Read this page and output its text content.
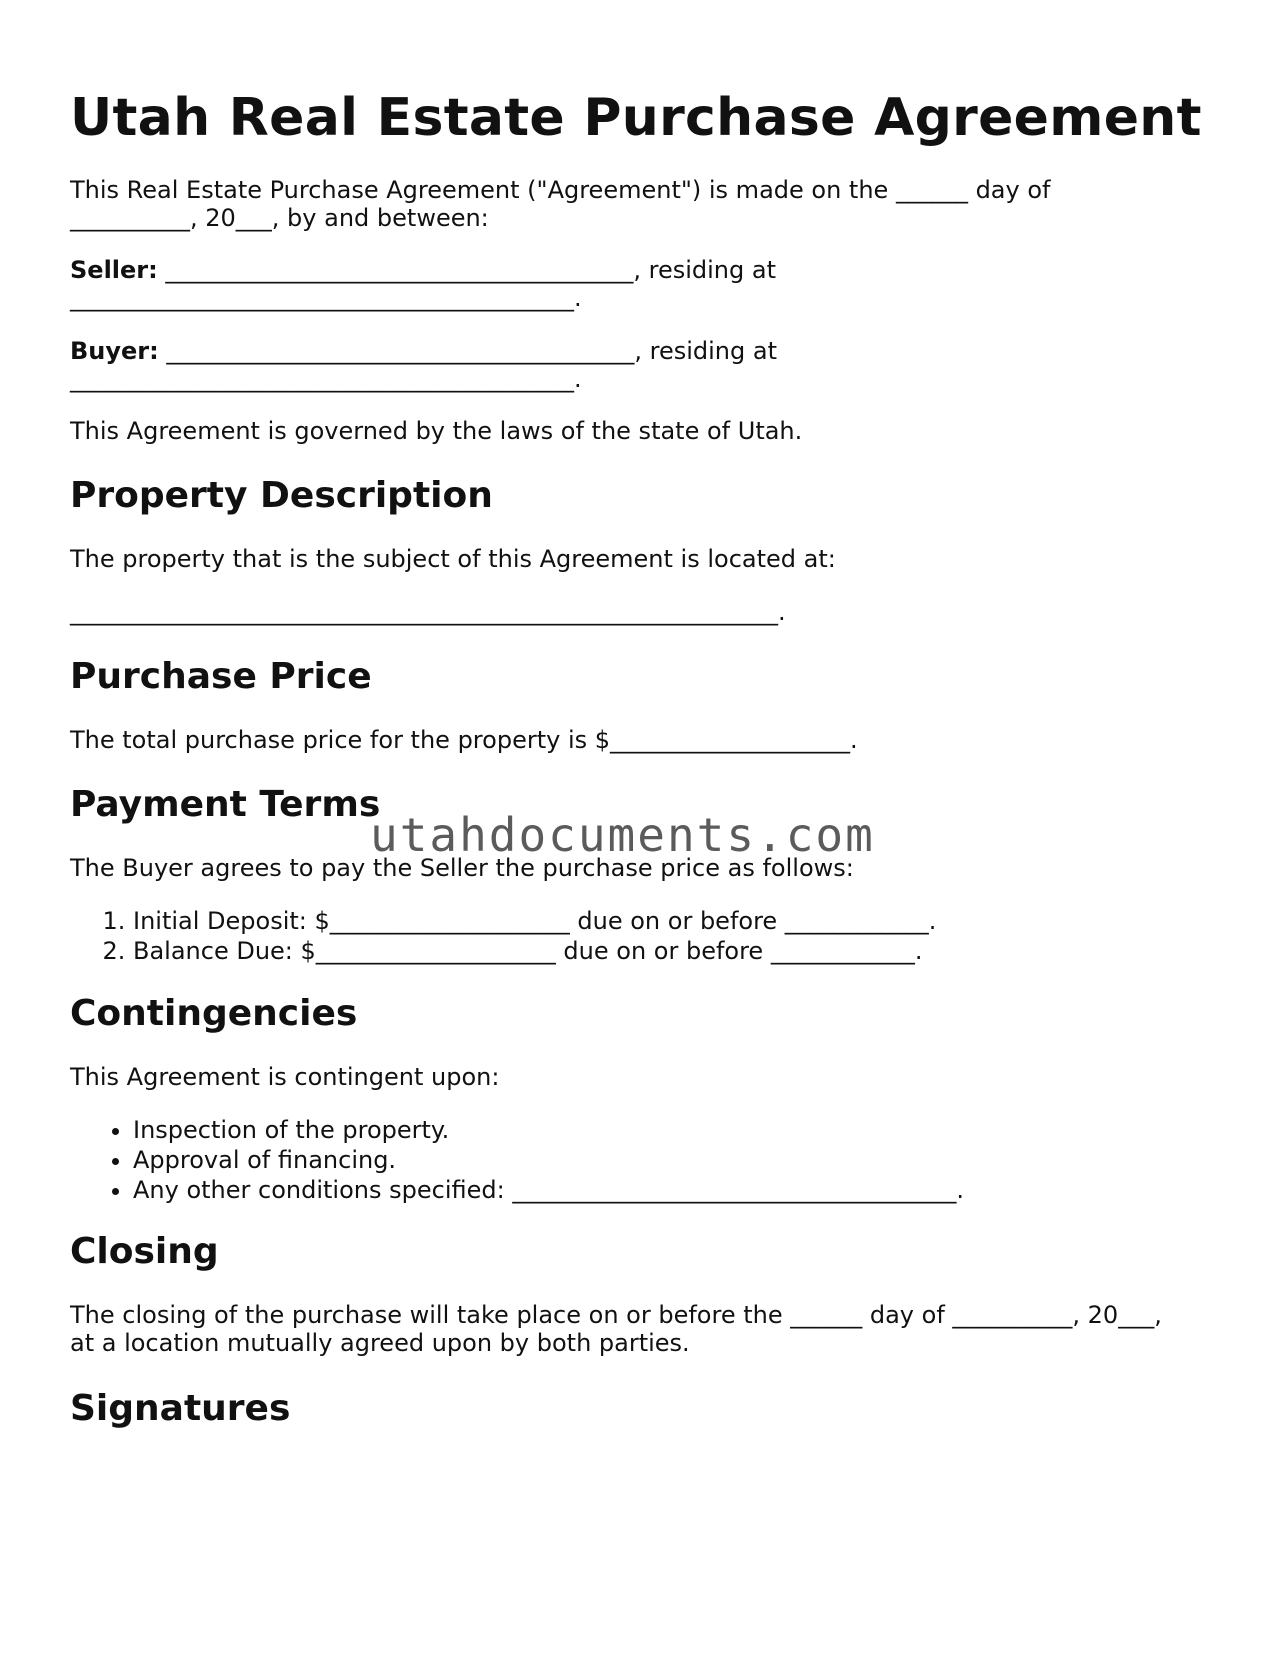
Utah Real Estate Purchase Agreement

This Real Estate Purchase Agreement ("Agreement") is made on the ______ day of

__________, 20___, by and between:

Seller: _______________________________________, residing at

__________________________________________.

Buyer: _______________________________________, residing at

__________________________________________.

This Agreement is governed by the laws of the state of Utah.

Property Description

The property that is the subject of this Agreement is located at:

___________________________________________________________.

Purchase Price

The total purchase price for the property is $____________________.

Payment Terms

The Buyer agrees to pay the Seller the purchase price as follows:

1. Initial Deposit: $____________________ due on or before ____________.
2. Balance Due: $____________________ due on or before ____________.
Contingencies

This Agreement is contingent upon:

• Inspection of the property.
• Approval of financing.
• Any other conditions specified: _____________________________________.
Closing

The closing of the purchase will take place on or before the ______ day of __________, 20___,

at a location mutually agreed upon by both parties.

Signatures
utahdocuments.com
